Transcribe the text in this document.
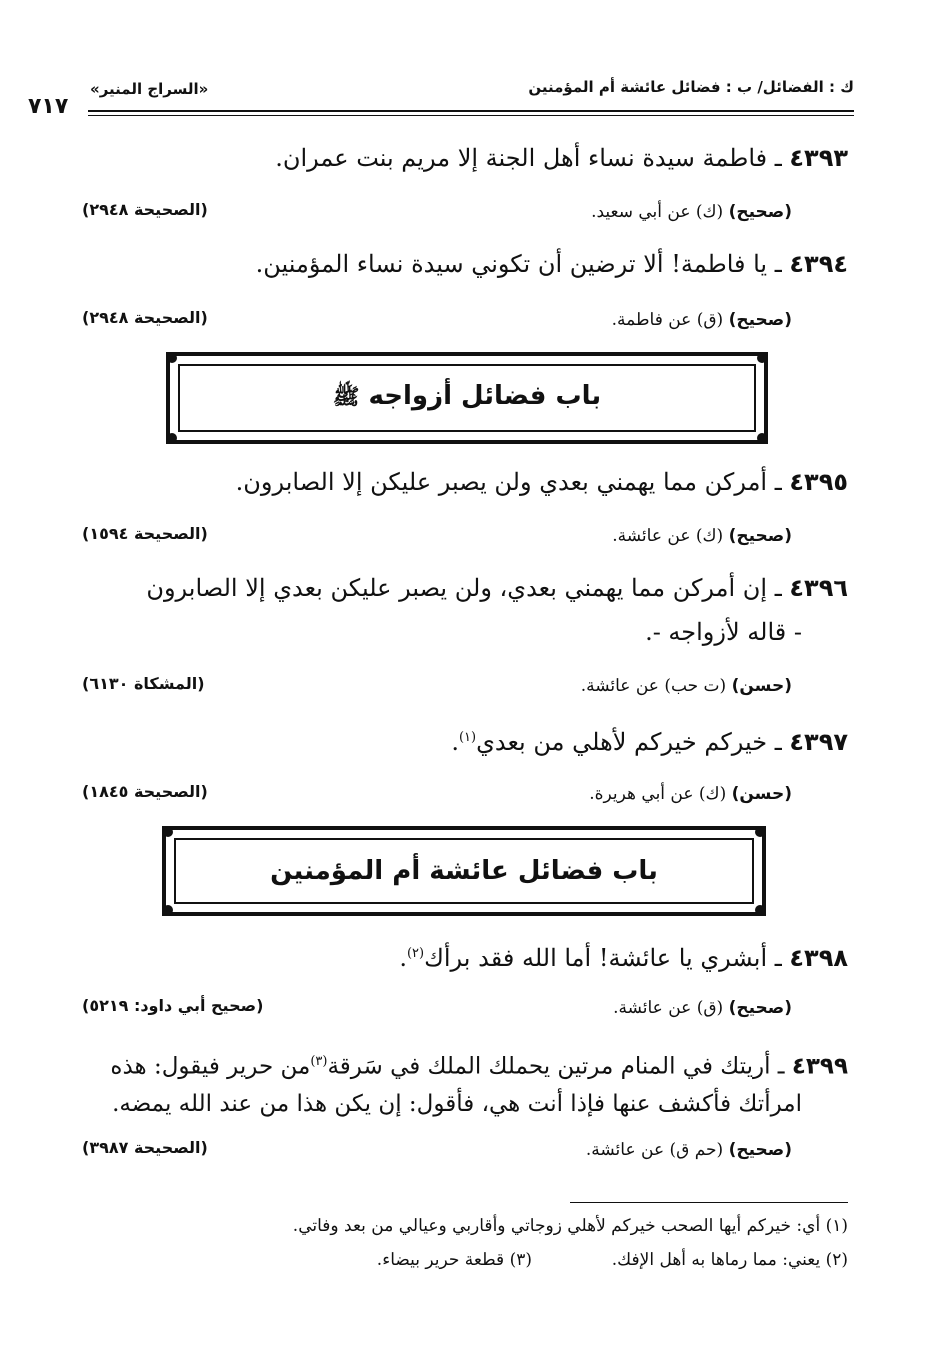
ك : الفضائل/ ب : فضائل عائشة أم المؤمنين
«السراج المنير»
٧١٧
٤٣٩٣ ـ فاطمة سيدة نساء أهل الجنة إلا مريم بنت عمران.
(صحيح) (ك) عن أبي سعيد.
(الصحيحة ٢٩٤٨)
٤٣٩٤ ـ يا فاطمة! ألا ترضين أن تكوني سيدة نساء المؤمنين.
(صحيح) (ق) عن فاطمة.
(الصحيحة ٢٩٤٨)
باب فضائل أزواجه ﷺ
٤٣٩٥ ـ أمركن مما يهمني بعدي ولن يصبر عليكن إلا الصابرون.
(صحيح) (ك) عن عائشة.
(الصحيحة ١٥٩٤)
٤٣٩٦ ـ إن أمركن مما يهمني بعدي، ولن يصبر عليكن بعدي إلا الصابرون
- قاله لأزواجه -.
(حسن) (ت حب) عن عائشة.
(المشكاة ٦١٣٠)
٤٣٩٧ ـ خيركم خيركم لأهلي من بعدي$^{(١)}$.
(حسن) (ك) عن أبي هريرة.
(الصحيحة ١٨٤٥)
باب فضائل عائشة أم المؤمنين
٤٣٩٨ ـ أبشري يا عائشة! أما الله فقد برأك$^{(٢)}$.
(صحيح) (ق) عن عائشة.
(صحيح أبي داود: ٥٢١٩)
٤٣٩٩ ـ أريتك في المنام مرتين يحملك الملك في سَرقة$^{(٣)}$من حرير فيقول: هذه
امرأتك فأكشف عنها فإذا أنت هي، فأقول: إن يكن هذا من عند الله يمضه.
(صحيح) (حم ق) عن عائشة.
(الصحيحة ٣٩٨٧)
(١) أي: خيركم أيها الصحب خيركم لأهلي زوجاتي وأقاربي وعيالي من بعد وفاتي.
(٢) يعني: مما رماها به أهل الإفك.
(٣) قطعة حرير بيضاء.
